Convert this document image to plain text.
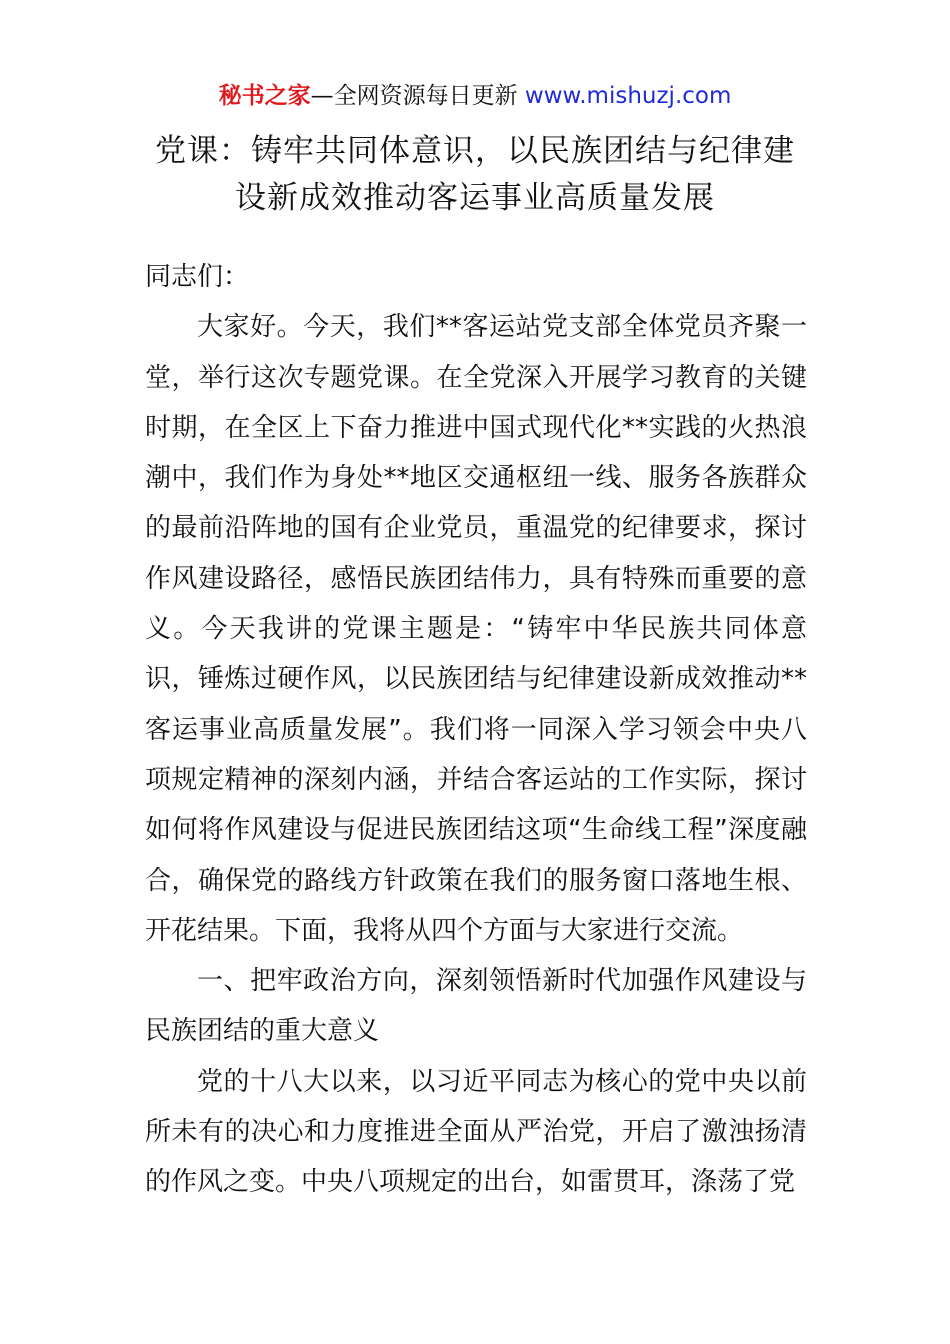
秘书之家—全网资源每日更新 www.mishuzj.com
党课：铸牢共同体意识，以民族团结与纪律建
设新成效推动客运事业高质量发展

同志们：

大家好。今天，我们**客运站党支部全体党员齐聚一堂，举行这次专题党课。在全党深入开展学习教育的关键时期，在全区上下奋力推进中国式现代化**实践的火热浪潮中，我们作为身处**地区交通枢纽一线、服务各族群众的最前沿阵地的国有企业党员，重温党的纪律要求，探讨作风建设路径，感悟民族团结伟力，具有特殊而重要的意义。今天我讲的党课主题是：“铸牢中华民族共同体意识，锤炼过硬作风，以民族团结与纪律建设新成效推动**客运事业高质量发展”。我们将一同深入学习领会中央八项规定精神的深刻内涵，并结合客运站的工作实际，探讨如何将作风建设与促进民族团结这项“生命线工程”深度融合，确保党的路线方针政策在我们的服务窗口落地生根、开花结果。下面，我将从四个方面与大家进行交流。

一、把牢政治方向，深刻领悟新时代加强作风建设与民族团结的重大意义

党的十八大以来，以习近平同志为核心的党中央以前所未有的决心和力度推进全面从严治党，开启了激浊扬清的作风之变。中央八项规定的出台，如雷贯耳，涤荡了党
